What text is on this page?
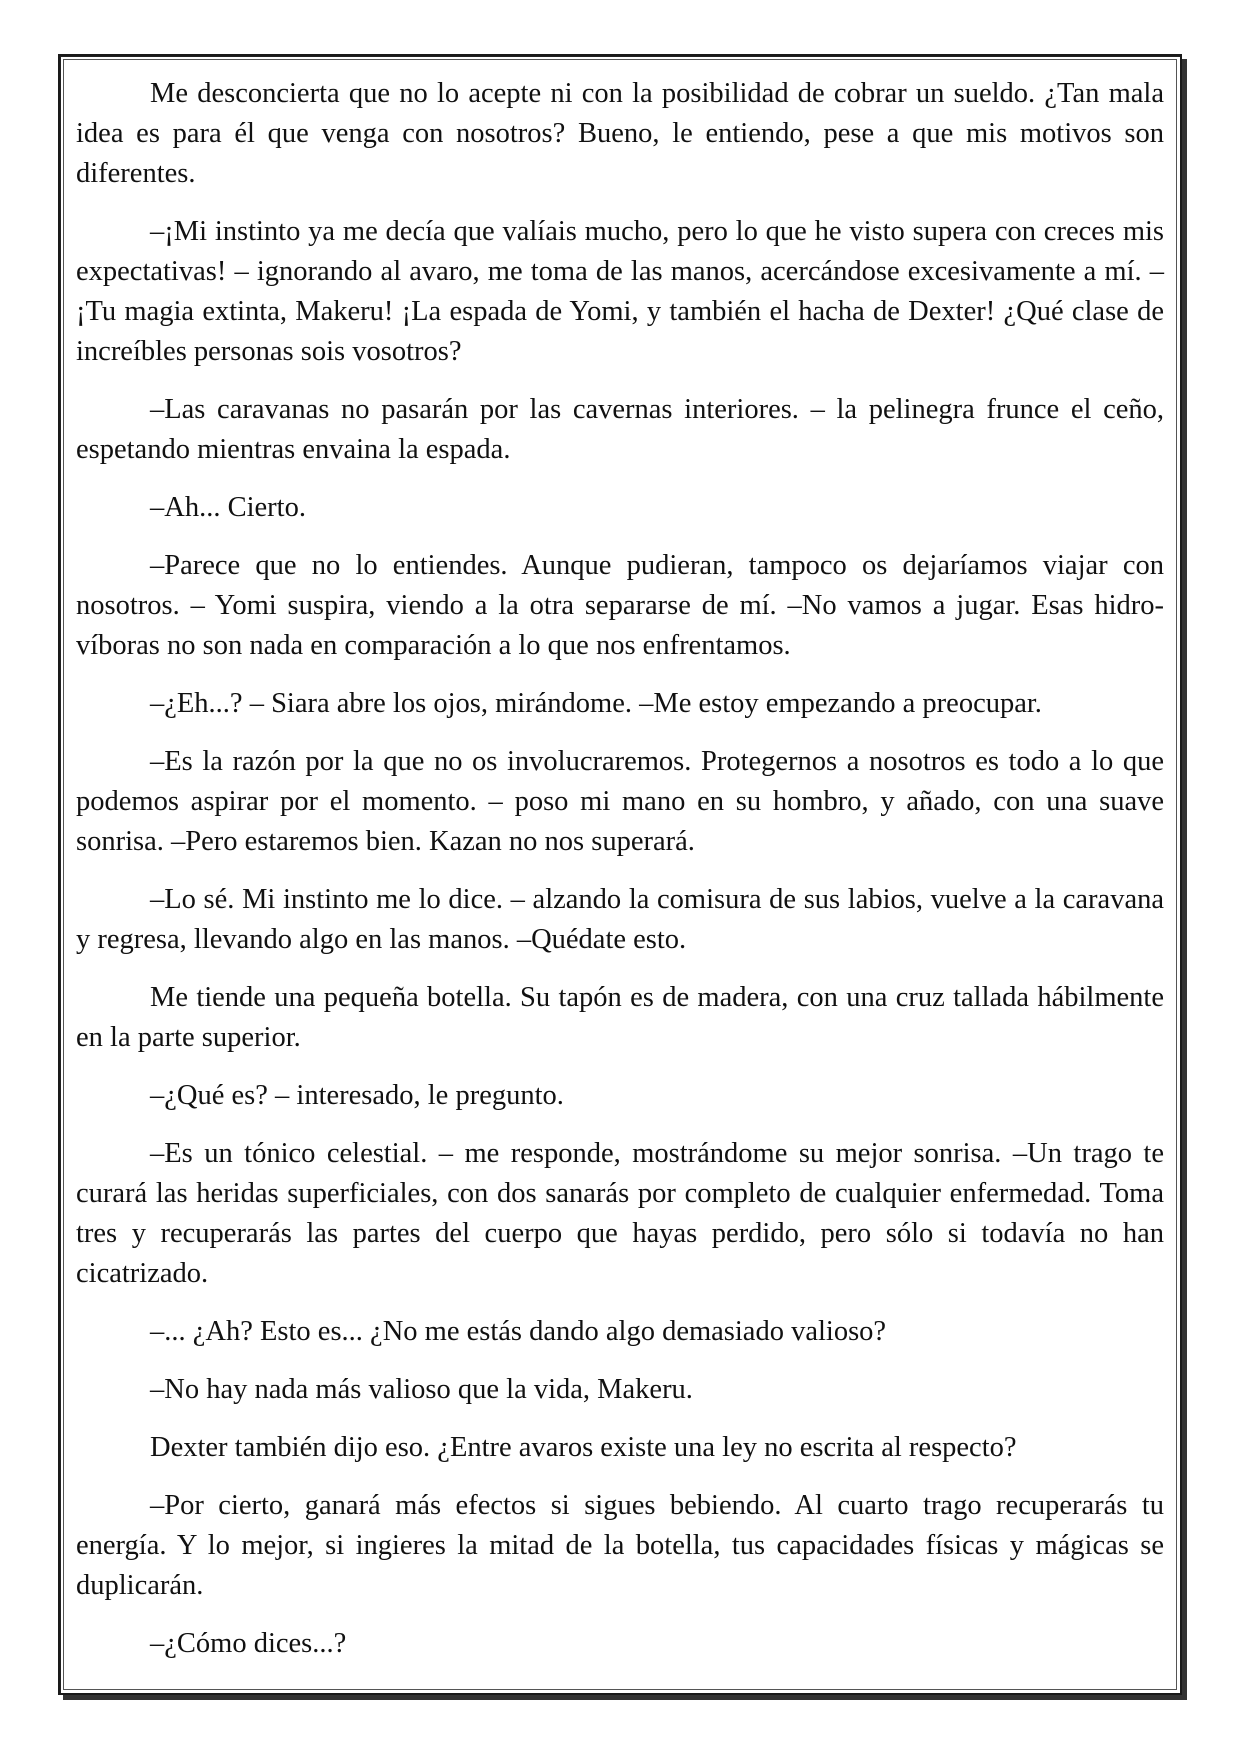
Me desconcierta que no lo acepte ni con la posibilidad de cobrar un sueldo. ¿Tan mala idea es para él que venga con nosotros? Bueno, le entiendo, pese a que mis motivos son diferentes.

–¡Mi instinto ya me decía que valíais mucho, pero lo que he visto supera con creces mis expectativas! – ignorando al avaro, me toma de las manos, acercándose excesivamente a mí. –¡Tu magia extinta, Makeru! ¡La espada de Yomi, y también el hacha de Dexter! ¿Qué clase de increíbles personas sois vosotros?

–Las caravanas no pasarán por las cavernas interiores. – la pelinegra frunce el ceño, espetando mientras envaina la espada.

–Ah... Cierto.

–Parece que no lo entiendes. Aunque pudieran, tampoco os dejaríamos viajar con nosotros. – Yomi suspira, viendo a la otra separarse de mí. –No vamos a jugar. Esas hidro-víboras no son nada en comparación a lo que nos enfrentamos.

–¿Eh...? – Siara abre los ojos, mirándome. –Me estoy empezando a preocupar.

–Es la razón por la que no os involucraremos. Protegernos a nosotros es todo a lo que podemos aspirar por el momento. – poso mi mano en su hombro, y añado, con una suave sonrisa. –Pero estaremos bien. Kazan no nos superará.

–Lo sé. Mi instinto me lo dice. – alzando la comisura de sus labios, vuelve a la caravana y regresa, llevando algo en las manos. –Quédate esto.

Me tiende una pequeña botella. Su tapón es de madera, con una cruz tallada hábilmente en la parte superior.

–¿Qué es? – interesado, le pregunto.

–Es un tónico celestial. – me responde, mostrándome su mejor sonrisa. –Un trago te curará las heridas superficiales, con dos sanarás por completo de cualquier enfermedad. Toma tres y recuperarás las partes del cuerpo que hayas perdido, pero sólo si todavía no han cicatrizado.

–... ¿Ah? Esto es... ¿No me estás dando algo demasiado valioso?

–No hay nada más valioso que la vida, Makeru.

Dexter también dijo eso. ¿Entre avaros existe una ley no escrita al respecto?

–Por cierto, ganará más efectos si sigues bebiendo. Al cuarto trago recuperarás tu energía. Y lo mejor, si ingieres la mitad de la botella, tus capacidades físicas y mágicas se duplicarán.

–¿Cómo dices...?
